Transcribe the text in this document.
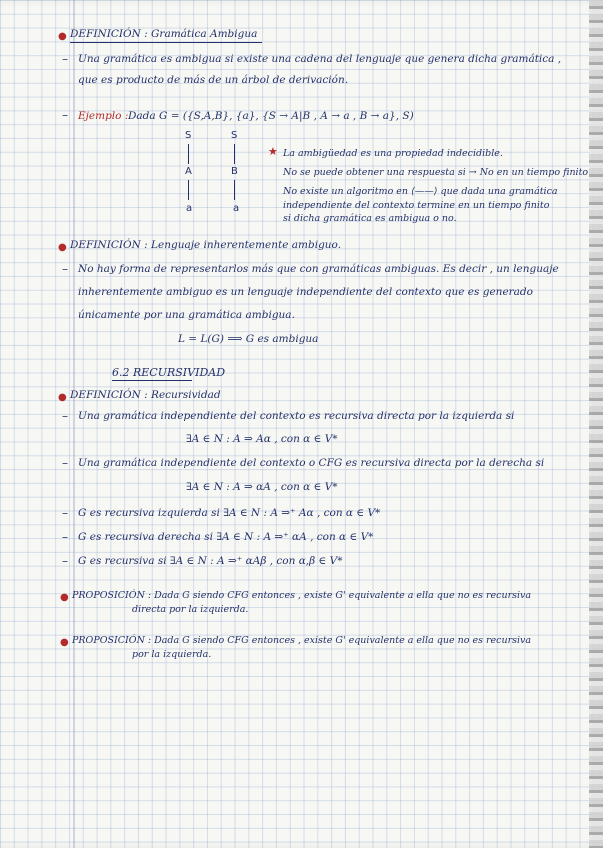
● DEFINICIÓN : Gramática Ambigua
– Una gramática es ambigua si existe una cadena del lenguaje que genera dicha gramática ,
que es producto de más de un árbol de derivación.
– Ejemplo : Dada G = ({S,A,B}, {a}, {S → A|B , A → a , B → a}, S)
S	S
A	B
a	a
★ La ambigüedad es una propiedad indecidible.
No se puede obtener una respuesta si → No en un tiempo finito
No existe un algoritmo en ⟨——⟩ que dada una gramática
independiente del contexto termine en un tiempo finito
si dicha gramática es ambigua o no.
● DEFINICIÓN : Lenguaje inherentemente ambiguo.
– No hay forma de representarlos más que con gramáticas ambiguas. Es decir , un lenguaje
inherentemente ambiguo es un lenguaje independiente del contexto que es generado
únicamente por una gramática ambigua.
L = L(G) ⟹ G es ambigua
6.2 RECURSIVIDAD
● DEFINICIÓN : Recursividad
– Una gramática independiente del contexto es recursiva directa por la izquierda si
∃A ∈ N : A ⇒ Aα , con α ∈ V*
– Una gramática independiente del contexto o CFG es recursiva directa por la derecha si
∃A ∈ N : A ⇒ αA , con α ∈ V*
– G es recursiva izquierda si ∃A ∈ N : A ⇒⁺ Aα , con α ∈ V*
– G es recursiva derecha si ∃A ∈ N : A ⇒⁺ αA , con α ∈ V*
– G es recursiva si ∃A ∈ N : A ⇒⁺ αAβ , con α,β ∈ V*
● PROPOSICIÓN : Dada G siendo CFG entonces , existe G' equivalente a ella que no es recursiva
directa por la izquierda.
● PROPOSICIÓN : Dada G siendo CFG entonces , existe G' equivalente a ella que no es recursiva
por la izquierda.
